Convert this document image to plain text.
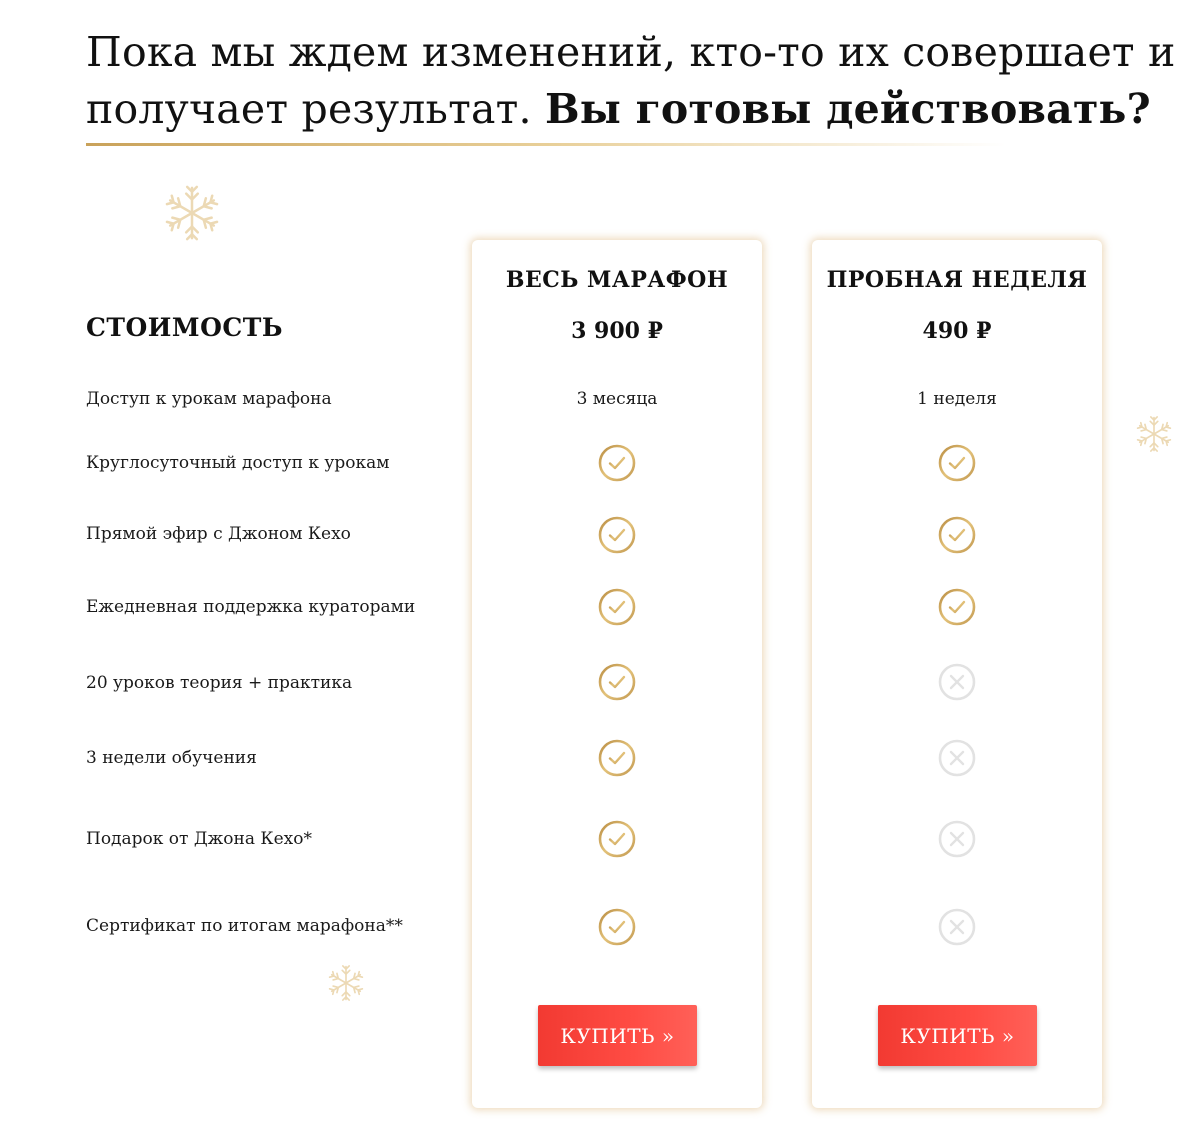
Пока мы ждем изменений, кто-то их совершает и получает результат. Вы готовы действовать?
СТОИМОСТЬ
Доступ к урокам марафона
Круглосуточный доступ к урокам
Прямой эфир с Джоном Кехо
Ежедневная поддержка кураторами
20 уроков теория + практика
3 недели обучения
Подарок от Джона Кехо*
Сертификат по итогам марафона**
ВЕСЬ МАРАФОН
3 900 ₽
3 месяца
КУПИТЬ »
ПРОБНАЯ НЕДЕЛЯ
490 ₽
1 неделя
КУПИТЬ »
